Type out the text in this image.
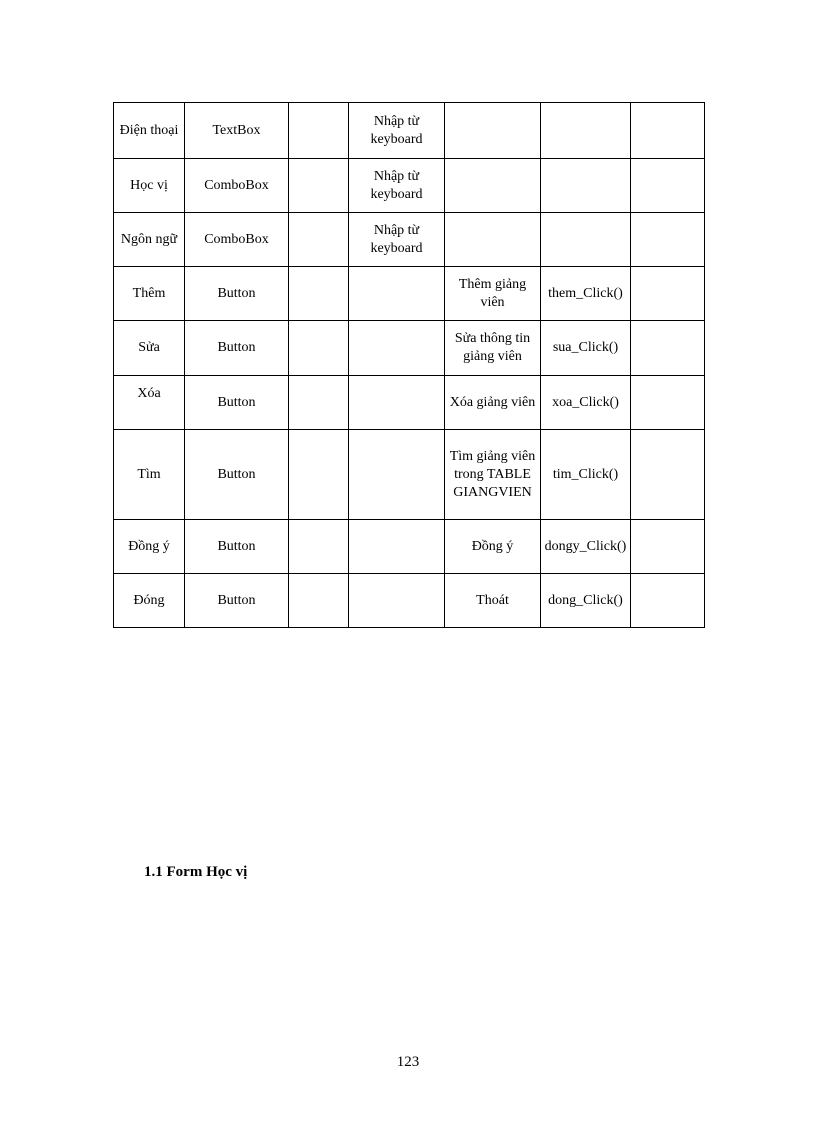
Điện thoại	TextBox		Nhập từ keyboard			
Học vị	ComboBox		Nhập từ keyboard			
Ngôn ngữ	ComboBox		Nhập từ keyboard			
Thêm	Button			Thêm giảng viên	them_Click()	
Sửa	Button			Sửa thông tin giảng viên	sua_Click()	
Xóa	Button			Xóa giảng viên	xoa_Click()	
Tìm	Button			Tìm giảng viên trong TABLE GIANGVIEN	tim_Click()	
Đồng ý	Button			Đồng ý	dongy_Click()	
Đóng	Button			Thoát	dong_Click()	

1.1 Form Học vị

123
